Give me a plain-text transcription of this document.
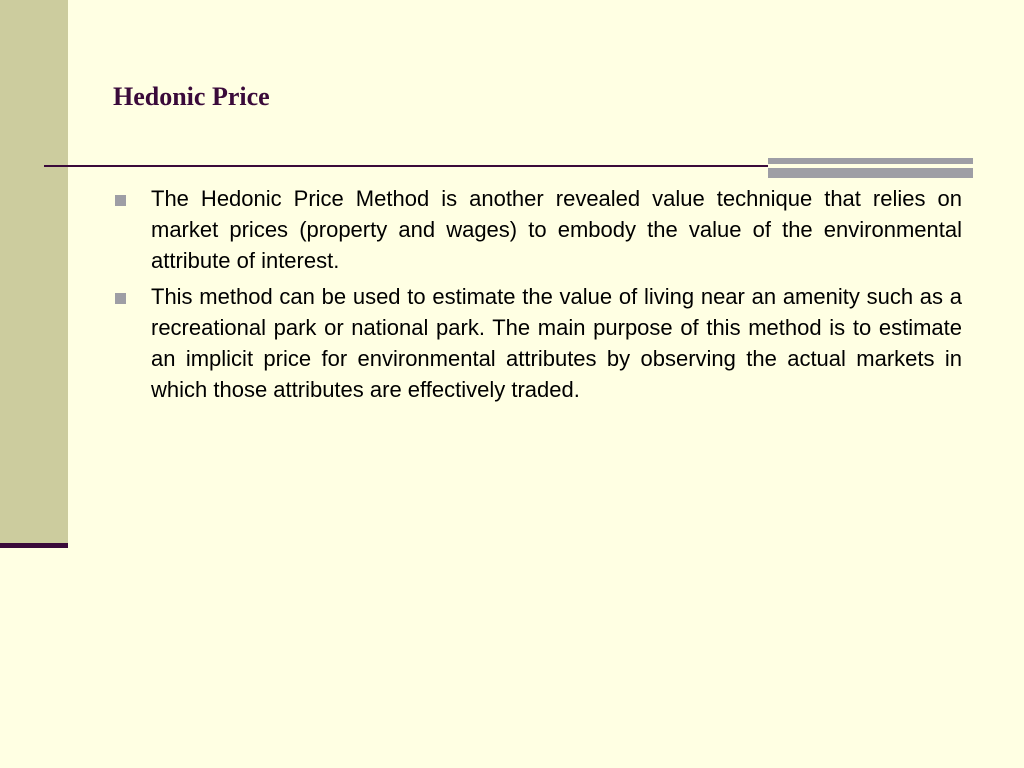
Hedonic Price
The Hedonic Price Method is another revealed value technique that relies on market prices (property and wages) to embody the value of the environmental attribute of interest.
This method can be used to estimate the value of living near an amenity such as a recreational park or national park. The main purpose of this method is to estimate an implicit price for environmental attributes by observing the actual markets in which those attributes are effectively traded.
